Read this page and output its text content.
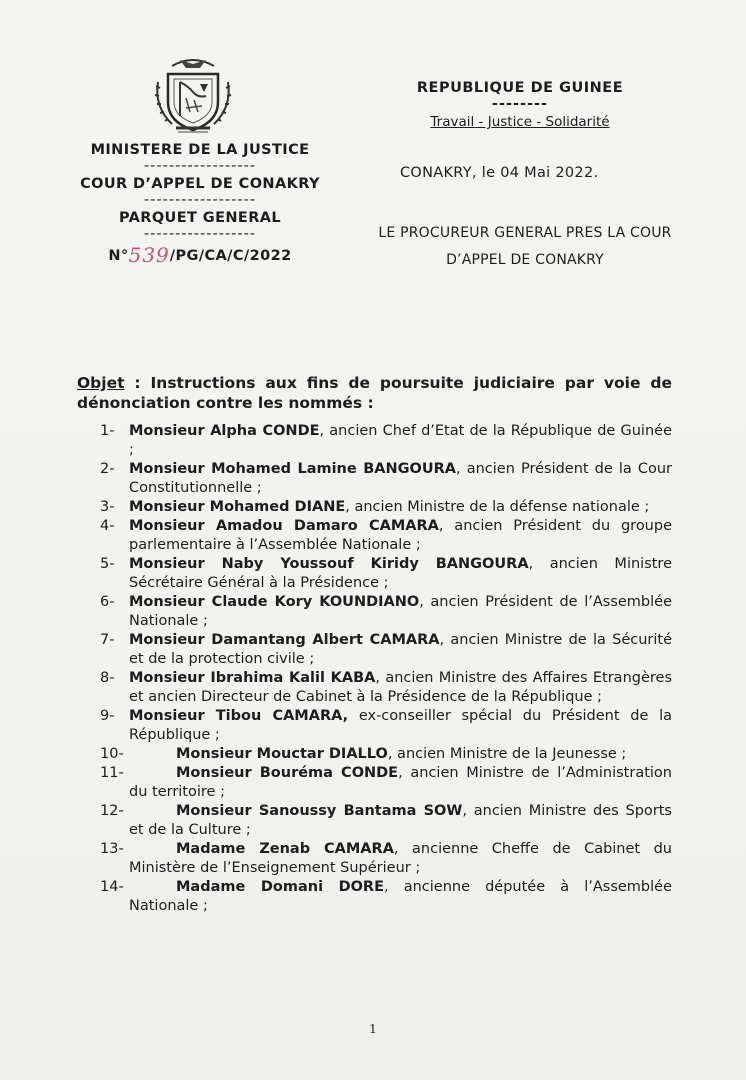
MINISTERE DE LA JUSTICE
------------------
COUR D’APPEL DE CONAKRY
------------------
PARQUET GENERAL
------------------
N°539/PG/CA/C/2022
REPUBLIQUE DE GUINEE
--------
Travail - Justice - Solidarité
CONAKRY, le 04 Mai 2022.
LE PROCUREUR GENERAL PRES LA COUR
D’APPEL DE CONAKRY
Objet : Instructions aux fins de poursuite judiciaire par voie de dénonciation contre les nommés :
1-	Monsieur Alpha CONDE, ancien Chef d’Etat de la République de Guinée ;
2-	Monsieur Mohamed Lamine BANGOURA, ancien Président de la Cour Constitutionnelle ;
3-	Monsieur Mohamed DIANE, ancien Ministre de la défense nationale ;
4-	Monsieur Amadou Damaro CAMARA, ancien Président du groupe parlementaire à l’Assemblée Nationale ;
5-	Monsieur Naby Youssouf Kiridy BANGOURA, ancien Ministre Sécrétaire Général à la Présidence ;
6-	Monsieur Claude Kory KOUNDIANO, ancien Président de l’Assemblée Nationale ;
7-	Monsieur Damantang Albert CAMARA, ancien Ministre de la Sécurité et de la protection civile ;
8-	Monsieur Ibrahima Kalil KABA, ancien Ministre des Affaires Etrangères et ancien Directeur de Cabinet à la Présidence de la République ;
9-	Monsieur Tibou CAMARA, ex-conseiller spécial du Président de la République ;
10-	Monsieur Mouctar DIALLO, ancien Ministre de la Jeunesse ;
11-	Monsieur Bouréma CONDE, ancien Ministre de l’Administration du territoire ;
12-	Monsieur Sanoussy Bantama SOW, ancien Ministre des Sports et de la Culture ;
13-	Madame Zenab CAMARA, ancienne Cheffe de Cabinet du Ministère de l’Enseignement Supérieur ;
14-	Madame Domani DORE, ancienne députée à l’Assemblée Nationale ;
1
